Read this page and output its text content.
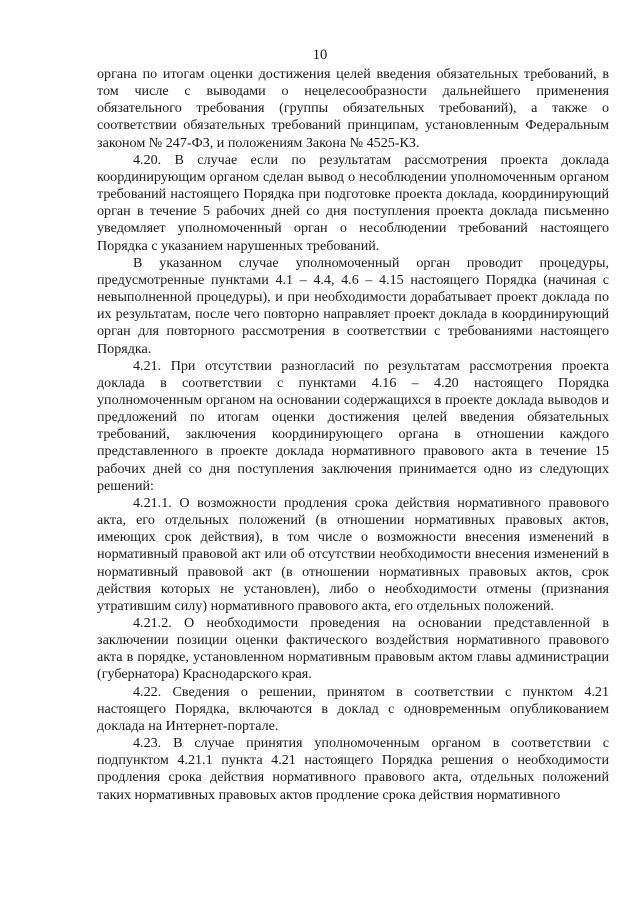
10

органа по итогам оценки достижения целей введения обязательных требований, в том числе с выводами о нецелесообразности дальнейшего применения обязательного требования (группы обязательных требований), а также о соответствии обязательных требований принципам, установленным Федеральным законом № 247-ФЗ, и положениям Закона № 4525-КЗ.

4.20. В случае если по результатам рассмотрения проекта доклада координирующим органом сделан вывод о несоблюдении уполномоченным органом требований настоящего Порядка при подготовке проекта доклада, координирующий орган в течение 5 рабочих дней со дня поступления проекта доклада письменно уведомляет уполномоченный орган о несоблюдении требований настоящего Порядка с указанием нарушенных требований.

В указанном случае уполномоченный орган проводит процедуры, предусмотренные пунктами 4.1 – 4.4, 4.6 – 4.15 настоящего Порядка (начиная с невыполненной процедуры), и при необходимости дорабатывает проект доклада по их результатам, после чего повторно направляет проект доклада в координирующий орган для повторного рассмотрения в соответствии с требованиями настоящего Порядка.

4.21. При отсутствии разногласий по результатам рассмотрения проекта доклада в соответствии с пунктами 4.16 – 4.20 настоящего Порядка уполномоченным органом на основании содержащихся в проекте доклада выводов и предложений по итогам оценки достижения целей введения обязательных требований, заключения координирующего органа в отношении каждого представленного в проекте доклада нормативного правового акта в течение 15 рабочих дней со дня поступления заключения принимается одно из следующих решений:

4.21.1. О возможности продления срока действия нормативного правового акта, его отдельных положений (в отношении нормативных правовых актов, имеющих срок действия), в том числе о возможности внесения изменений в нормативный правовой акт или об отсутствии необходимости внесения изменений в нормативный правовой акт (в отношении нормативных правовых актов, срок действия которых не установлен), либо о необходимости отмены (признания утратившим силу) нормативного правового акта, его отдельных положений.

4.21.2. О необходимости проведения на основании представленной в заключении позиции оценки фактического воздействия нормативного правового акта в порядке, установленном нормативным правовым актом главы администрации (губернатора) Краснодарского края.

4.22. Сведения о решении, принятом в соответствии с пунктом 4.21 настоящего Порядка, включаются в доклад с одновременным опубликованием доклада на Интернет-портале.

4.23. В случае принятия уполномоченным органом в соответствии с подпунктом 4.21.1 пункта 4.21 настоящего Порядка решения о необходимости продления срока действия нормативного правового акта, отдельных положений таких нормативных правовых актов продление срока действия нормативного
